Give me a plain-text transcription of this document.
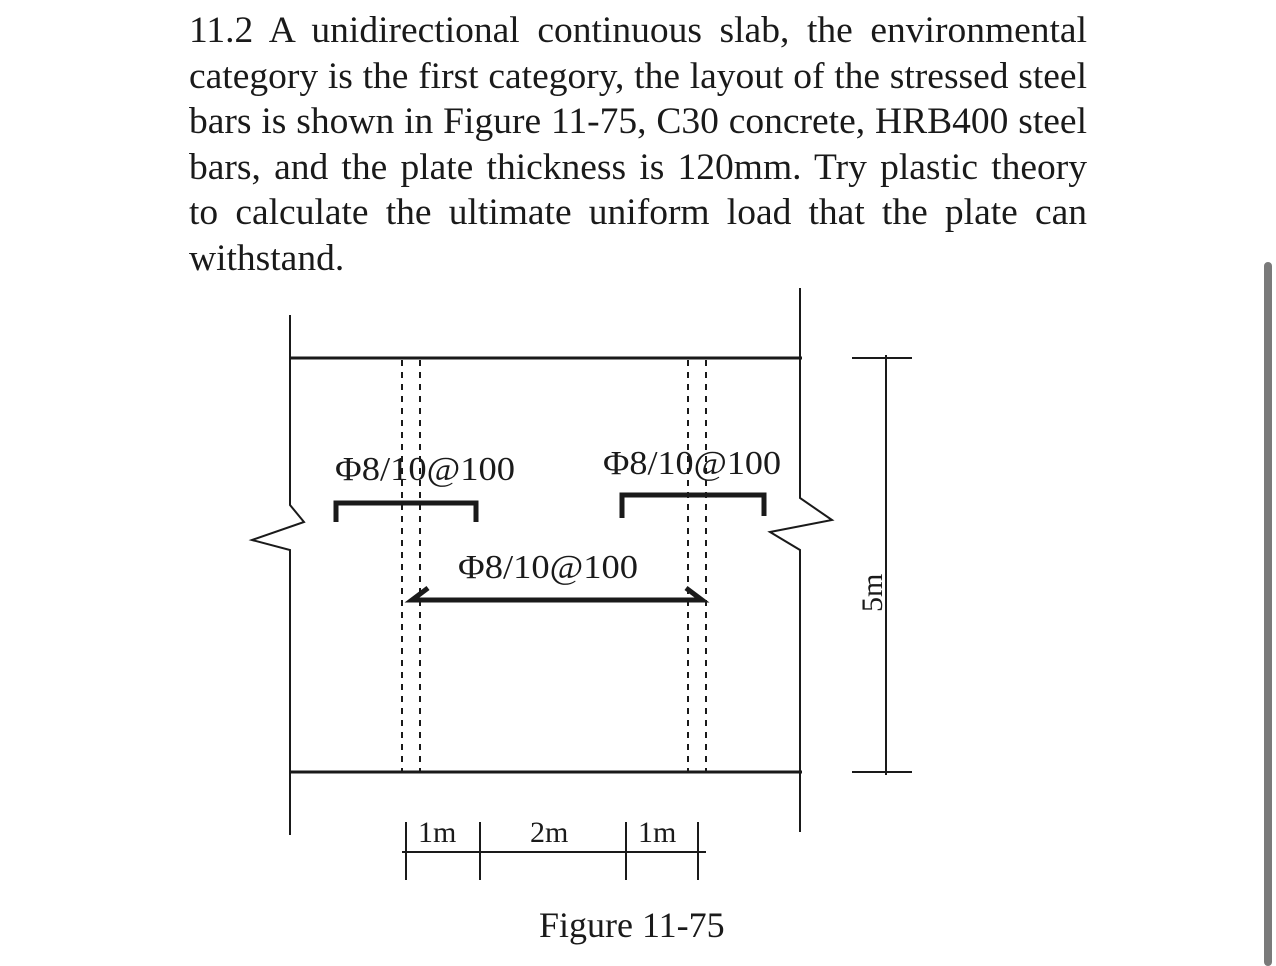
11.2 A unidirectional continuous slab, the environmental category is the first category, the layout of the stressed steel bars is shown in Figure 11-75, C30 concrete, HRB400 steel bars, and the plate thickness is 120mm. Try plastic theory to calculate the ultimate uniform load that the plate can withstand.

Φ8/10@100	Φ8/10@100
Φ8/10@100
1m 2m 1m
5m
Figure 11-75
